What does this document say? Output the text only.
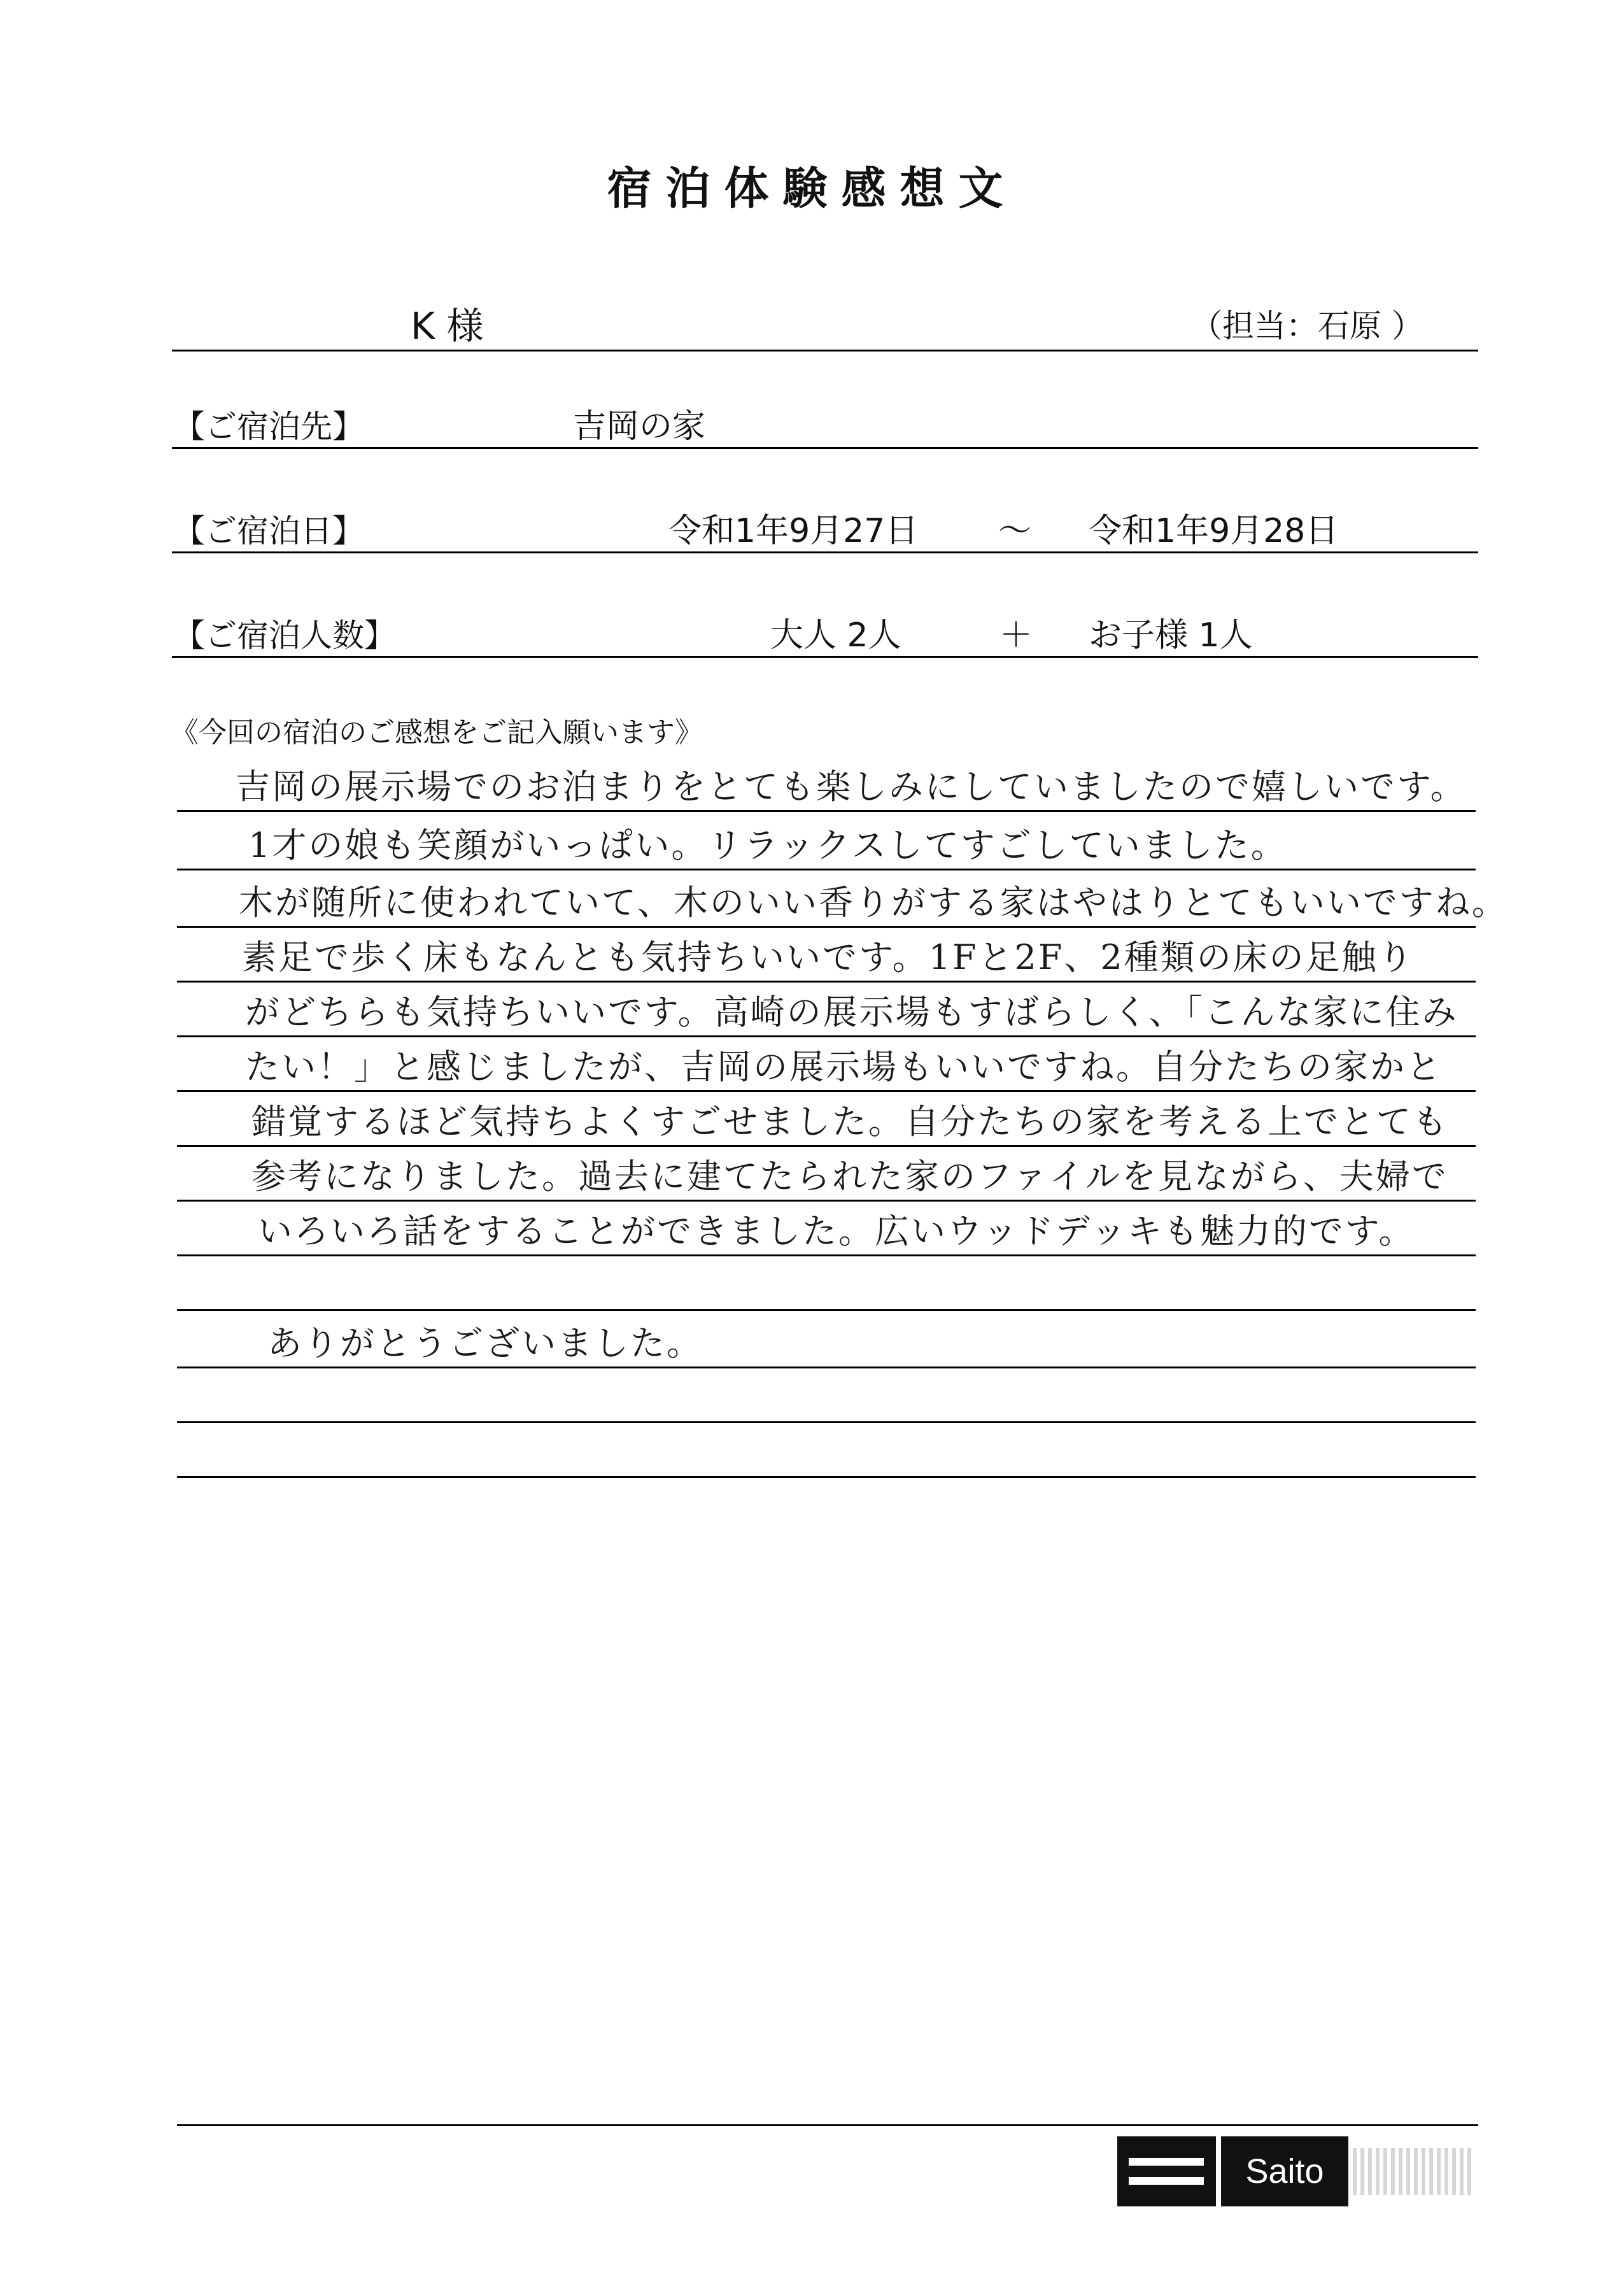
宿泊体験感想文
K 様	（担当：石原 ）
【ご宿泊先】	吉岡の家
【ご宿泊日】	令和1年9月27日 ～ 令和1年9月28日
【ご宿泊人数】	大人 2人	＋ お子様 1人
《今回の宿泊のご感想をご記入願います》
吉岡の展示場でのお泊まりをとても楽しみにしていましたので嬉しいです。
1才の娘も笑顔がいっぱい。リラックスしてすごしていました。
木が随所に使われていて、木のいい香りがする家はやはりとてもいいですね。
素足で歩く床もなんとも気持ちいいです。1Fと2F、2種類の床の足触り
がどちらも気持ちいいです。高崎の展示場もすばらしく、「こんな家に住み
たい！」と感じましたが、吉岡の展示場もいいですね。自分たちの家かと
錯覚するほど気持ちよくすごせました。自分たちの家を考える上でとても
参考になりました。過去に建てたられた家のファイルを見ながら、夫婦で
いろいろ話をすることができました。広いウッドデッキも魅力的です。
ありがとうございました。
Saito
